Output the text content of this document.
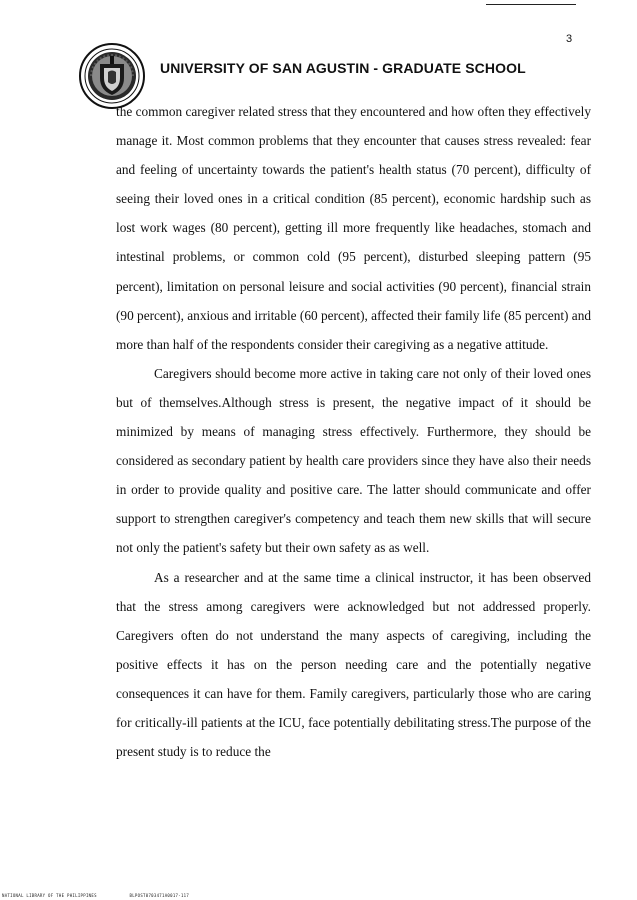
3
UNIVERSITY OF SAN AGUSTIN - GRADUATE SCHOOL

the common caregiver related stress that they encountered and how often they effectively manage it. Most common problems that they encounter that causes stress revealed: fear and feeling of uncertainty towards the patient's health status (70 percent), difficulty of seeing their loved ones in a critical condition (85 percent), economic hardship such as lost work wages (80 percent), getting ill more frequently like headaches, stomach and intestinal problems, or common cold (95 percent), disturbed sleeping pattern (95 percent), limitation on personal leisure and social activities (90 percent), financial strain (90 percent), anxious and irritable (60 percent), affected their family life (85 percent) and more than half of the respondents consider their caregiving as a negative attitude.

Caregivers should become more active in taking care not only of their loved ones but of themselves.Although stress is present, the negative impact of it should be minimized by means of managing stress effectively. Furthermore, they should be considered as secondary patient by health care providers since they have also their needs in order to provide quality and positive care. The latter should communicate and offer support to strengthen caregiver's competency and teach them new skills that will secure not only the patient's safety but their own safety as as well.

As a researcher and at the same time a clinical instructor, it has been observed that the stress among caregivers were acknowledged but not addressed properly. Caregivers often do not understand the many aspects of caregiving, including the positive effects it has on the person needing care and the potentially negative consequences it can have for them. Family caregivers, particularly those who are caring for critically-ill patients at the ICU, face potentially debilitating stress.The purpose of the present study is to reduce the

NATIONAL LIBRARY OF THE PHILIPPINES	BLPOST0703471A0017-117
